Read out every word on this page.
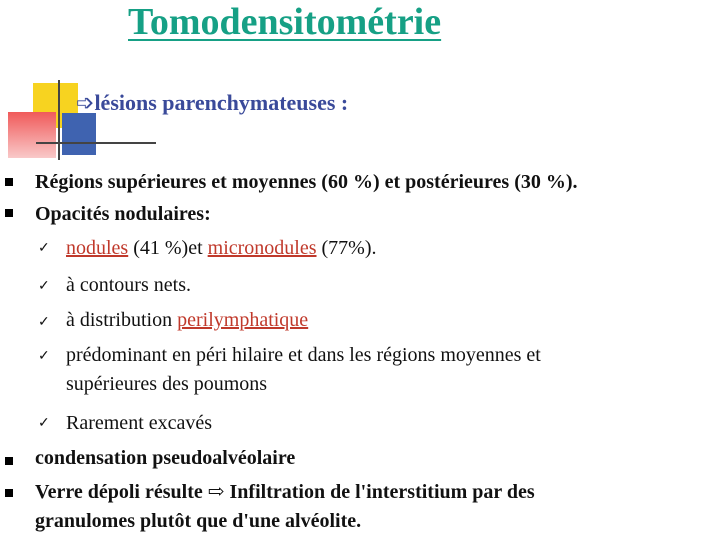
Tomodensitométrie
➩lésions parenchymateuses :
Régions supérieures et moyennes (60 %) et postérieures (30 %).
Opacités nodulaires:
✓ nodules (41 %)et micronodules (77%).
✓ à contours nets.
✓ à distribution perilymphatique
✓ prédominant en péri hilaire et dans les régions moyennes et
supérieures des poumons
✓ Rarement excavés
condensation pseudoalvéolaire
Verre dépoli résulte ⇨ Infiltration de l'interstitium par des
granulomes plutôt que d'une alvéolite.
